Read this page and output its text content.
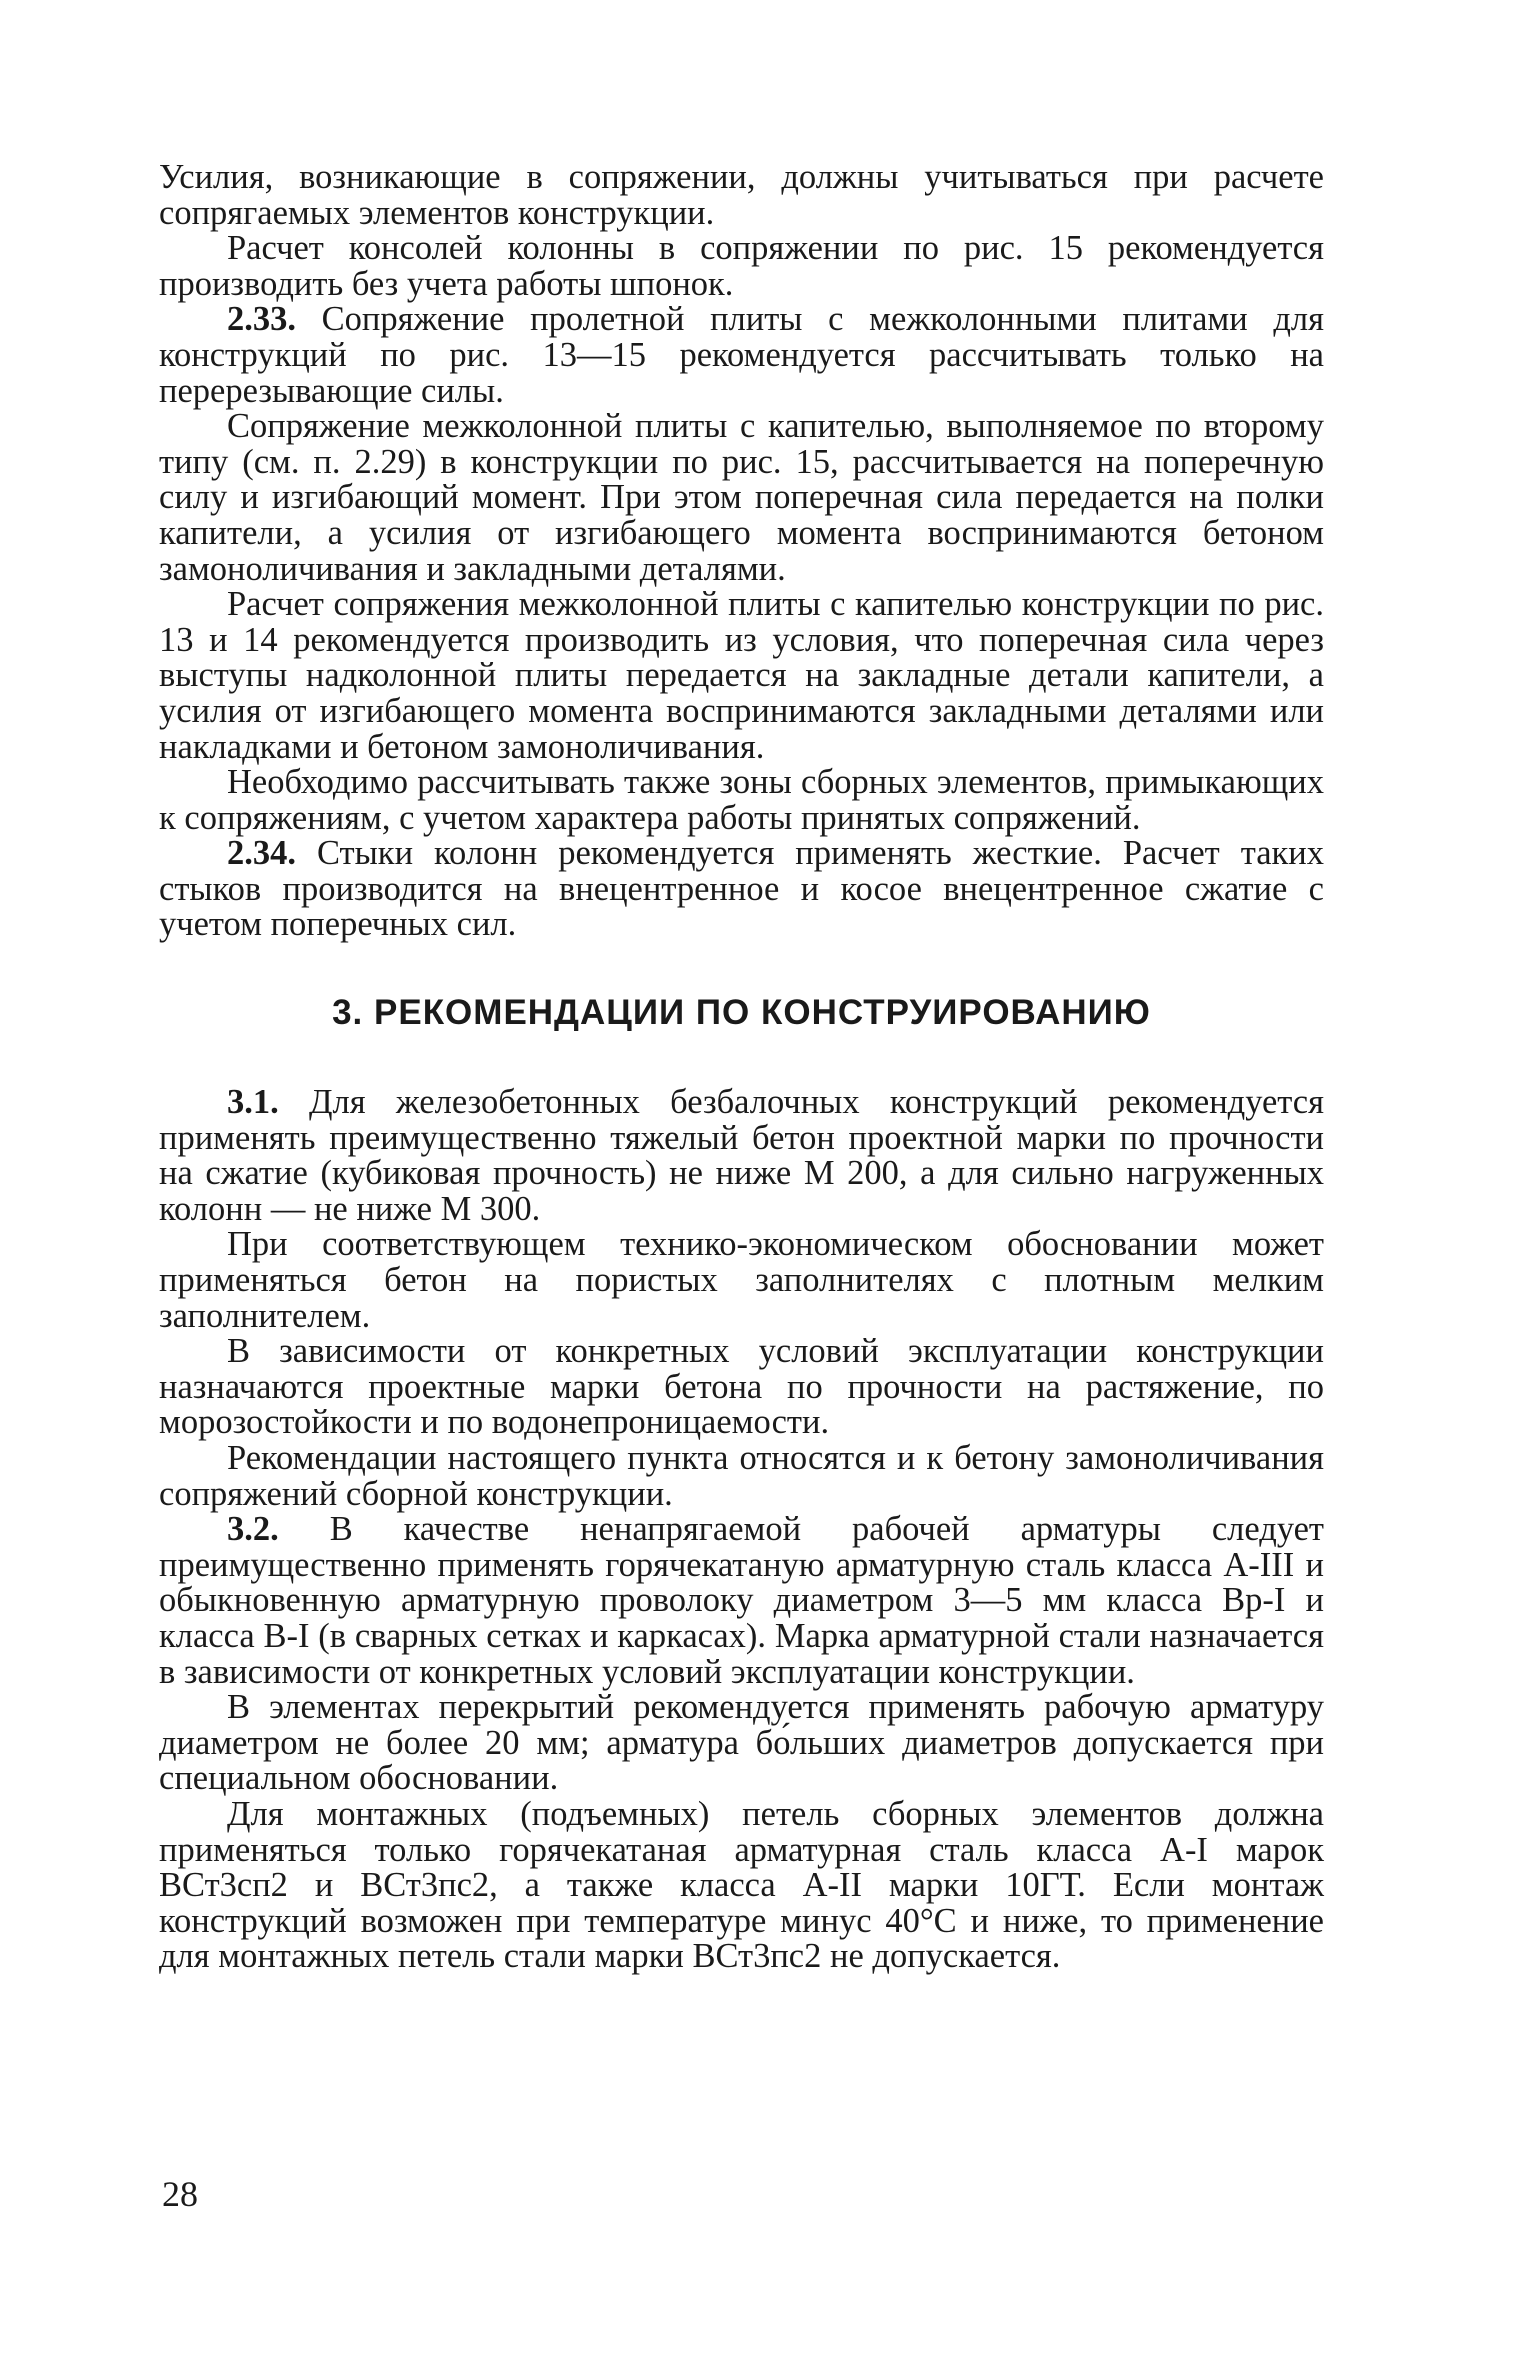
Усилия, возникающие в сопряжении, должны учитываться при расчете сопрягаемых элементов конструкции.

Расчет консолей колонны в сопряжении по рис. 15 рекомендуется производить без учета работы шпонок.

2.33. Сопряжение пролетной плиты с межколонными плитами для конструкций по рис. 13—15 рекомендуется рассчитывать только на перерезывающие силы.

Сопряжение межколонной плиты с капителью, выполняемое по второму типу (см. п. 2.29) в конструкции по рис. 15, рассчитывается на поперечную силу и изгибающий момент. При этом поперечная сила передается на полки капители, а усилия от изгибающего момента воспринимаются бетоном замоноличивания и закладными деталями.

Расчет сопряжения межколонной плиты с капителью конструкции по рис. 13 и 14 рекомендуется производить из условия, что поперечная сила через выступы надколонной плиты передается на закладные детали капители, а усилия от изгибающего момента воспринимаются закладными деталями или накладками и бетоном замоноличивания.

Необходимо рассчитывать также зоны сборных элементов, примыкающих к сопряжениям, с учетом характера работы принятых сопряжений.

2.34. Стыки колонн рекомендуется применять жесткие. Расчет таких стыков производится на внецентренное и косое внецентренное сжатие с учетом поперечных сил.

3. РЕКОМЕНДАЦИИ ПО КОНСТРУИРОВАНИЮ

3.1. Для железобетонных безбалочных конструкций рекомендуется применять преимущественно тяжелый бетон проектной марки по прочности на сжатие (кубиковая прочность) не ниже М 200, а для сильно нагруженных колонн — не ниже М 300.

При соответствующем технико-экономическом обосновании может применяться бетон на пористых заполнителях с плотным мелким заполнителем.

В зависимости от конкретных условий эксплуатации конструкции назначаются проектные марки бетона по прочности на растяжение, по морозостойкости и по водонепроницаемости.

Рекомендации настоящего пункта относятся и к бетону замоноличивания сопряжений сборной конструкции.

3.2. В качестве ненапрягаемой рабочей арматуры следует преимущественно применять горячекатаную арматурную сталь класса А-III и обыкновенную арматурную проволоку диаметром 3—5 мм класса Вр-I и класса В-I (в сварных сетках и каркасах). Марка арматурной стали назначается в зависимости от конкретных условий эксплуатации конструкции.

В элементах перекрытий рекомендуется применять рабочую арматуру диаметром не более 20 мм; арматура бо́льших диаметров допускается при специальном обосновании.

Для монтажных (подъемных) петель сборных элементов должна применяться только горячекатаная арматурная сталь класса А-I марок ВСт3сп2 и ВСт3пс2, а также класса А-II марки 10ГТ. Если монтаж конструкций возможен при температуре минус 40°С и ниже, то применение для монтажных петель стали марки ВСт3пс2 не допускается.

28
